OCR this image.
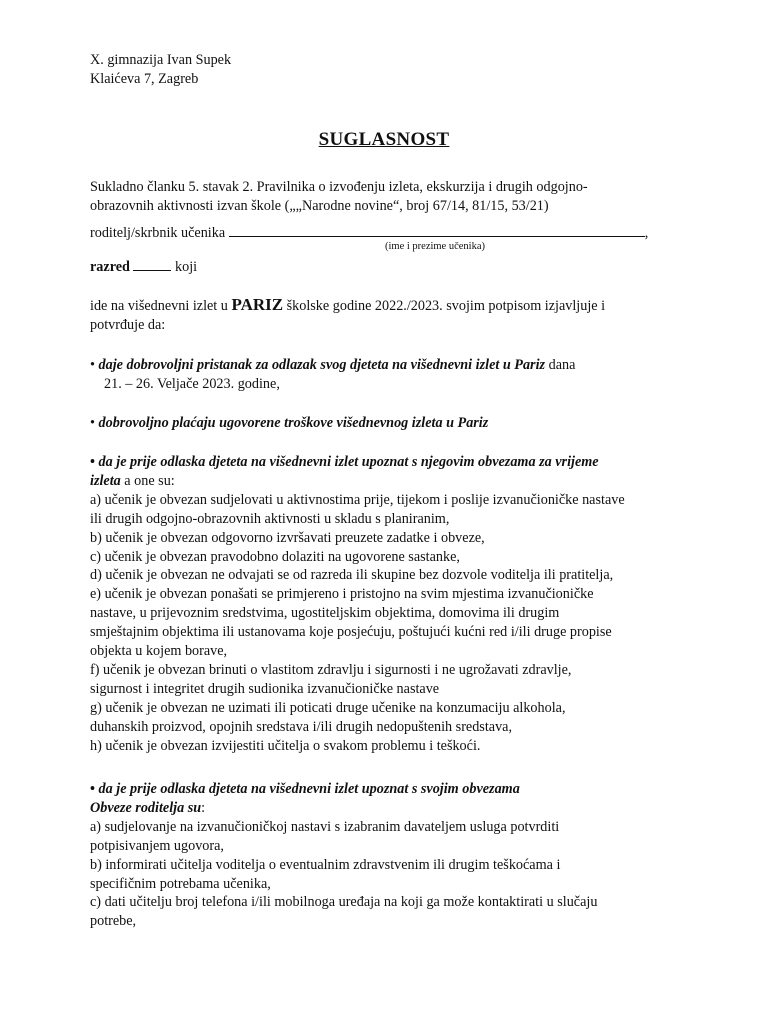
X. gimnazija Ivan Supek
Klaićeva 7, Zagreb
SUGLASNOST
Sukladno članku 5. stavak 2. Pravilnika o izvođenju izleta, ekskurzija i drugih odgojno-
obrazovnih aktivnosti izvan škole („„Narodne novine“, broj 67/14, 81/15, 53/21)
roditelj/skrbnik učenika	,
(ime i prezime učenika)
razred	koji
ide na višednevni izlet u PARIZ školske godine 2022./2023. svojim potpisom izjavljuje i
potvrđuje da:
• daje dobrovoljni pristanak za odlazak svog djeteta na višednevni izlet u Pariz dana
21. – 26. Veljače 2023. godine,
• dobrovoljno plaćaju ugovorene troškove višednevnog izleta u Pariz
• da je prije odlaska djeteta na višednevni izlet upoznat s njegovim obvezama za vrijeme
izleta a one su:
a) učenik je obvezan sudjelovati u aktivnostima prije, tijekom i poslije izvanučioničke nastave
ili drugih odgojno-obrazovnih aktivnosti u skladu s planiranim,
b) učenik je obvezan odgovorno izvršavati preuzete zadatke i obveze,
c) učenik je obvezan pravodobno dolaziti na ugovorene sastanke,
d) učenik je obvezan ne odvajati se od razreda ili skupine bez dozvole voditelja ili pratitelja,
e) učenik je obvezan ponašati se primjereno i pristojno na svim mjestima izvanučioničke
nastave, u prijevoznim sredstvima, ugostiteljskim objektima, domovima ili drugim
smještajnim objektima ili ustanovama koje posjećuju, poštujući kućni red i/ili druge propise
objekta u kojem borave,
f) učenik je obvezan brinuti o vlastitom zdravlju i sigurnosti i ne ugrožavati zdravlje,
sigurnost i integritet drugih sudionika izvanučioničke nastave
g) učenik je obvezan ne uzimati ili poticati druge učenike na konzumaciju alkohola,
duhanskih proizvod, opojnih sredstava i/ili drugih nedopuštenih sredstava,
h) učenik je obvezan izvijestiti učitelja o svakom problemu i teškoći.
• da je prije odlaska djeteta na višednevni izlet upoznat s svojim obvezama
Obveze roditelja su:
a) sudjelovanje na izvanučioničkoj nastavi s izabranim davateljem usluga potvrditi
potpisivanjem ugovora,
b) informirati učitelja voditelja o eventualnim zdravstvenim ili drugim teškoćama i
specifičnim potrebama učenika,
c) dati učitelju broj telefona i/ili mobilnoga uređaja na koji ga može kontaktirati u slučaju
potrebe,
